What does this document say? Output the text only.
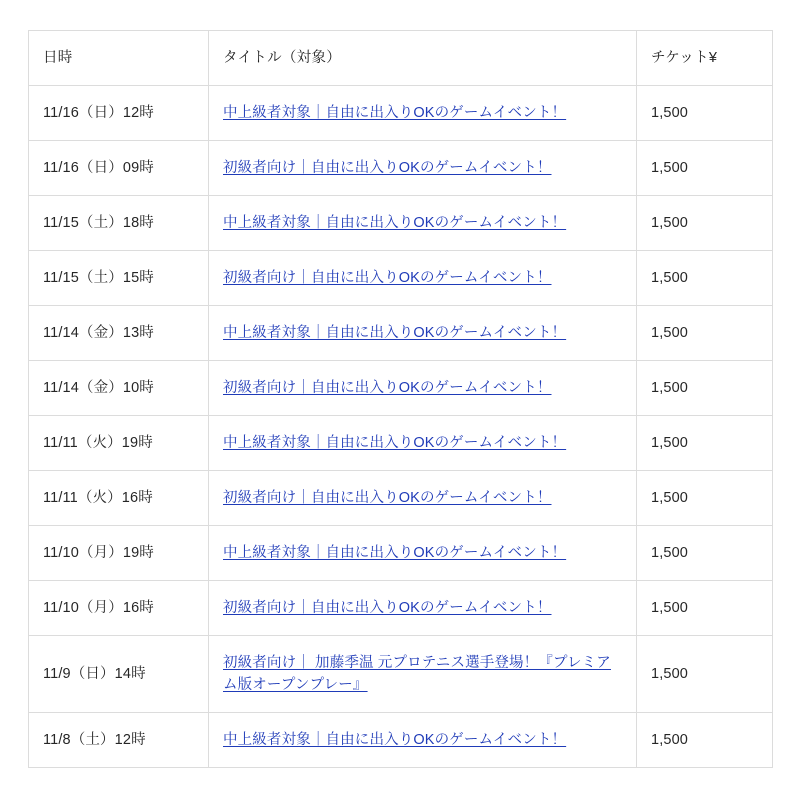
日時	タイトル（対象）	チケット¥
11/16（日）12時	中上級者対象｜自由に出入りOKのゲームイベント！	1,500
11/16（日）09時	初級者向け｜自由に出入りOKのゲームイベント！	1,500
11/15（土）18時	中上級者対象｜自由に出入りOKのゲームイベント！	1,500
11/15（土）15時	初級者向け｜自由に出入りOKのゲームイベント！	1,500
11/14（金）13時	中上級者対象｜自由に出入りOKのゲームイベント！	1,500
11/14（金）10時	初級者向け｜自由に出入りOKのゲームイベント！	1,500
11/11（火）19時	中上級者対象｜自由に出入りOKのゲームイベント！	1,500
11/11（火）16時	初級者向け｜自由に出入りOKのゲームイベント！	1,500
11/10（月）19時	中上級者対象｜自由に出入りOKのゲームイベント！	1,500
11/10（月）16時	初級者向け｜自由に出入りOKのゲームイベント！	1,500
11/9（日）14時	初級者向け｜ 加藤季温 元プロテニス選手登場！『プレミアム版オープンプレー』	1,500
11/8（土）12時	中上級者対象｜自由に出入りOKのゲームイベント！	1,500
